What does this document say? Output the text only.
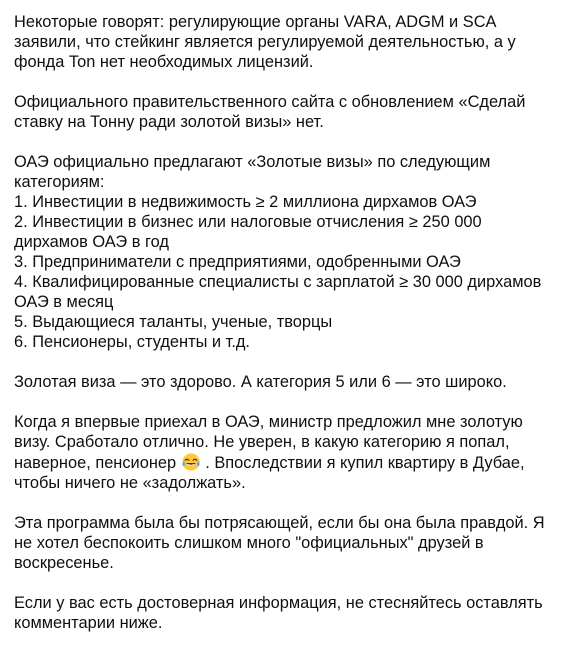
Некоторые говорят: регулирующие органы VARA, ADGM и SCA
заявили, что стейкинг является регулируемой деятельностью, а у
фонда Ton нет необходимых лицензий.
Официального правительственного сайта с обновлением «Сделай
ставку на Тонну ради золотой визы» нет.
ОАЭ официально предлагают «Золотые визы» по следующим
категориям:
1. Инвестиции в недвижимость ≥ 2 миллиона дирхамов ОАЭ
2. Инвестиции в бизнес или налоговые отчисления ≥ 250 000
дирхамов ОАЭ в год
3. Предприниматели с предприятиями, одобренными ОАЭ
4. Квалифицированные специалисты с зарплатой ≥ 30 000 дирхамов
ОАЭ в месяц
5. Выдающиеся таланты, ученые, творцы
6. Пенсионеры, студенты и т.д.
Золотая виза — это здорово. А категория 5 или 6 — это широко.
Когда я впервые приехал в ОАЭ, министр предложил мне золотую
визу. Сработало отлично. Не уверен, в какую категорию я попал,
наверное, пенсионер  . Впоследствии я купил квартиру в Дубае,
чтобы ничего не «задолжать».
Эта программа была бы потрясающей, если бы она была правдой. Я
не хотел беспокоить слишком много "официальных" друзей в
воскресенье.
Если у вас есть достоверная информация, не стесняйтесь оставлять
комментарии ниже.
